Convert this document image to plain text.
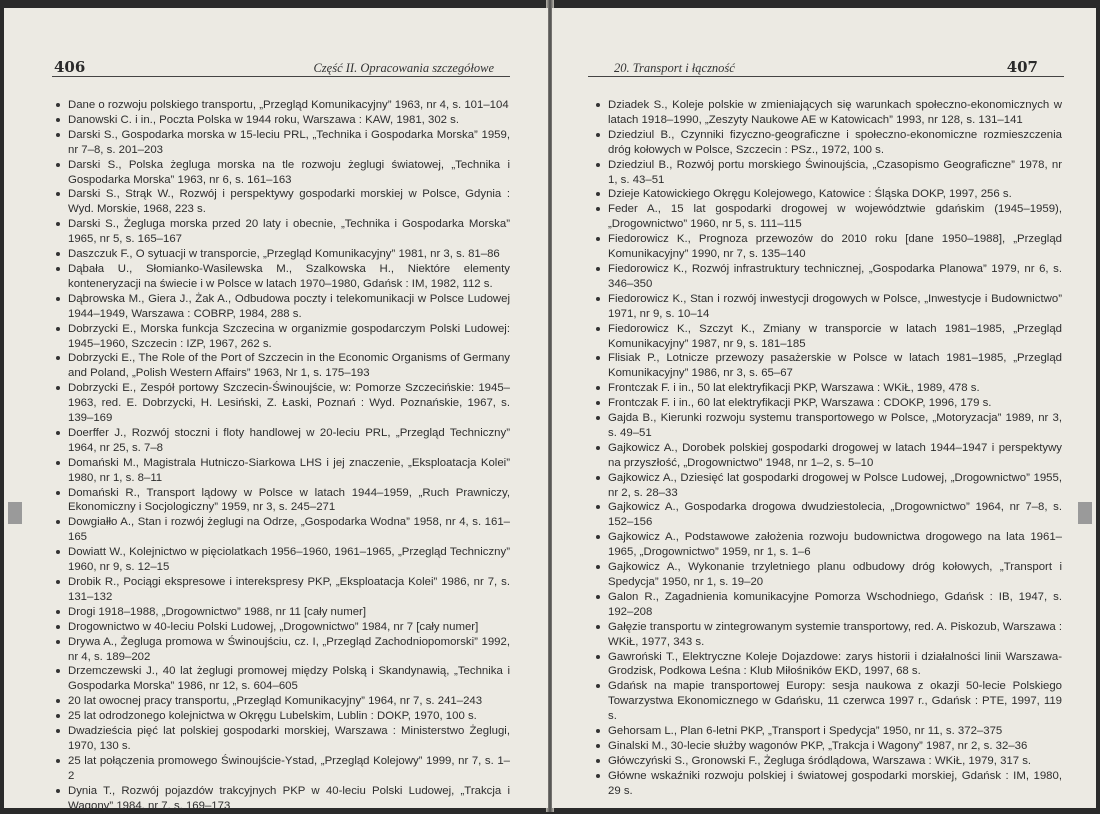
406	Część II. Opracowania szczegółowe
Dane o rozwoju polskiego transportu, „Przegląd Komunikacyjny” 1963, nr 4, s. 101–104
Danowski C. i in., Poczta Polska w 1944 roku, Warszawa : KAW, 1981, 302 s.
Darski S., Gospodarka morska w 15-leciu PRL, „Technika i Gospodarka Morska” 1959, nr 7–8, s. 201–203
Darski S., Polska żegluga morska na tle rozwoju żeglugi światowej, „Technika i Gospodarka Morska” 1963, nr 6, s. 161–163
Darski S., Strąk W., Rozwój i perspektywy gospodarki morskiej w Polsce, Gdynia : Wyd. Morskie, 1968, 223 s.
Darski S., Żegluga morska przed 20 laty i obecnie, „Technika i Gospodarka Morska” 1965, nr 5, s. 165–167
Daszczuk F., O sytuacji w transporcie, „Przegląd Komunikacyjny” 1981, nr 3, s. 81–86
Dąbała U., Słomianko-Wasilewska M., Szalkowska H., Niektóre elementy konteneryzacji na świecie i w Polsce w latach 1970–1980, Gdańsk : IM, 1982, 112 s.
Dąbrowska M., Giera J., Żak A., Odbudowa poczty i telekomunikacji w Polsce Ludowej 1944–1949, Warszawa : COBRP, 1984, 288 s.
Dobrzycki E., Morska funkcja Szczecina w organizmie gospodarczym Polski Ludowej: 1945–1960, Szczecin : IZP, 1967, 262 s.
Dobrzycki E., The Role of the Port of Szczecin in the Economic Organisms of Germany and Poland, „Polish Western Affairs” 1963, Nr 1, s. 175–193
Dobrzycki E., Zespół portowy Szczecin-Świnoujście, w: Pomorze Szczecińskie: 1945–1963, red. E. Dobrzycki, H. Lesiński, Z. Łaski, Poznań : Wyd. Poznańskie, 1967, s. 139–169
Doerffer J., Rozwój stoczni i floty handlowej w 20-leciu PRL, „Przegląd Techniczny” 1964, nr 25, s. 7–8
Domański M., Magistrala Hutniczo-Siarkowa LHS i jej znaczenie, „Eksploatacja Kolei” 1980, nr 1, s. 8–11
Domański R., Transport lądowy w Polsce w latach 1944–1959, „Ruch Prawniczy, Ekonomiczny i Socjologiczny” 1959, nr 3, s. 245–271
Dowgiałło A., Stan i rozwój żeglugi na Odrze, „Gospodarka Wodna” 1958, nr 4, s. 161–165
Dowiatt W., Kolejnictwo w pięciolatkach 1956–1960, 1961–1965, „Przegląd Techniczny” 1960, nr 9, s. 12–15
Drobik R., Pociągi ekspresowe i interekspresy PKP, „Eksploatacja Kolei” 1986, nr 7, s. 131–132
Drogi 1918–1988, „Drogownictwo” 1988, nr 11 [cały numer]
Drogownictwo w 40-leciu Polski Ludowej, „Drogownictwo” 1984, nr 7 [cały numer]
Drywa A., Żegluga promowa w Świnoujściu, cz. I, „Przegląd Zachodniopomorski” 1992, nr 4, s. 189–202
Drzemczewski J., 40 lat żeglugi promowej między Polską i Skandynawią, „Technika i Gospodarka Morska” 1986, nr 12, s. 604–605
20 lat owocnej pracy transportu, „Przegląd Komunikacyjny” 1964, nr 7, s. 241–243
25 lat odrodzonego kolejnictwa w Okręgu Lubelskim, Lublin : DOKP, 1970, 100 s.
Dwadzieścia pięć lat polskiej gospodarki morskiej, Warszawa : Ministerstwo Żeglugi, 1970, 130 s.
25 lat połączenia promowego Świnoujście-Ystad, „Przegląd Kolejowy” 1999, nr 7, s. 1–2
Dynia T., Rozwój pojazdów trakcyjnych PKP w 40-leciu Polski Ludowej, „Trakcja i Wagony” 1984, nr 7, s. 169–173
20. Transport i łączność	407
Dziadek S., Koleje polskie w zmieniających się warunkach społeczno-ekonomicznych w latach 1918–1990, „Zeszyty Naukowe AE w Katowicach” 1993, nr 128, s. 131–141
Dziedziul B., Czynniki fizyczno-geograficzne i społeczno-ekonomiczne rozmieszczenia dróg kołowych w Polsce, Szczecin : PSz., 1972, 100 s.
Dziedziul B., Rozwój portu morskiego Świnoujścia, „Czasopismo Geograficzne” 1978, nr 1, s. 43–51
Dzieje Katowickiego Okręgu Kolejowego, Katowice : Śląska DOKP, 1997, 256 s.
Feder A., 15 lat gospodarki drogowej w województwie gdańskim (1945–1959), „Drogownictwo” 1960, nr 5, s. 111–115
Fiedorowicz K., Prognoza przewozów do 2010 roku [dane 1950–1988], „Przegląd Komunikacyjny” 1990, nr 7, s. 135–140
Fiedorowicz K., Rozwój infrastruktury technicznej, „Gospodarka Planowa” 1979, nr 6, s. 346–350
Fiedorowicz K., Stan i rozwój inwestycji drogowych w Polsce, „Inwestycje i Budownictwo” 1971, nr 9, s. 10–14
Fiedorowicz K., Szczyt K., Zmiany w transporcie w latach 1981–1985, „Przegląd Komunikacyjny” 1987, nr 9, s. 181–185
Flisiak P., Lotnicze przewozy pasażerskie w Polsce w latach 1981–1985, „Przegląd Komunikacyjny” 1986, nr 3, s. 65–67
Frontczak F. i in., 50 lat elektryfikacji PKP, Warszawa : WKiŁ, 1989, 478 s.
Frontczak F. i in., 60 lat elektryfikacji PKP, Warszawa : CDOKP, 1996, 179 s.
Gajda B., Kierunki rozwoju systemu transportowego w Polsce, „Motoryzacja” 1989, nr 3, s. 49–51
Gajkowicz A., Dorobek polskiej gospodarki drogowej w latach 1944–1947 i perspektywy na przyszłość, „Drogownictwo” 1948, nr 1–2, s. 5–10
Gajkowicz A., Dziesięć lat gospodarki drogowej w Polsce Ludowej, „Drogownictwo” 1955, nr 2, s. 28–33
Gajkowicz A., Gospodarka drogowa dwudziestolecia, „Drogownictwo” 1964, nr 7–8, s. 152–156
Gajkowicz A., Podstawowe założenia rozwoju budownictwa drogowego na lata 1961–1965, „Drogownictwo” 1959, nr 1, s. 1–6
Gajkowicz A., Wykonanie trzyletniego planu odbudowy dróg kołowych, „Transport i Spedycja” 1950, nr 1, s. 19–20
Galon R., Zagadnienia komunikacyjne Pomorza Wschodniego, Gdańsk : IB, 1947, s. 192–208
Gałęzie transportu w zintegrowanym systemie transportowy, red. A. Piskozub, Warszawa : WKiŁ, 1977, 343 s.
Gawroński T., Elektryczne Koleje Dojazdowe: zarys historii i działalności linii Warszawa-Grodzisk, Podkowa Leśna : Klub Miłośników EKD, 1997, 68 s.
Gdańsk na mapie transportowej Europy: sesja naukowa z okazji 50-lecie Polskiego Towarzystwa Ekonomicznego w Gdańsku, 11 czerwca 1997 r., Gdańsk : PTE, 1997, 119 s.
Gehorsam L., Plan 6-letni PKP, „Transport i Spedycja” 1950, nr 11, s. 372–375
Ginalski M., 30-lecie służby wagonów PKP, „Trakcja i Wagony” 1987, nr 2, s. 32–36
Główczyński S., Gronowski F., Żegluga śródlądowa, Warszawa : WKiŁ, 1979, 317 s.
Główne wskaźniki rozwoju polskiej i światowej gospodarki morskiej, Gdańsk : IM, 1980, 29 s.
